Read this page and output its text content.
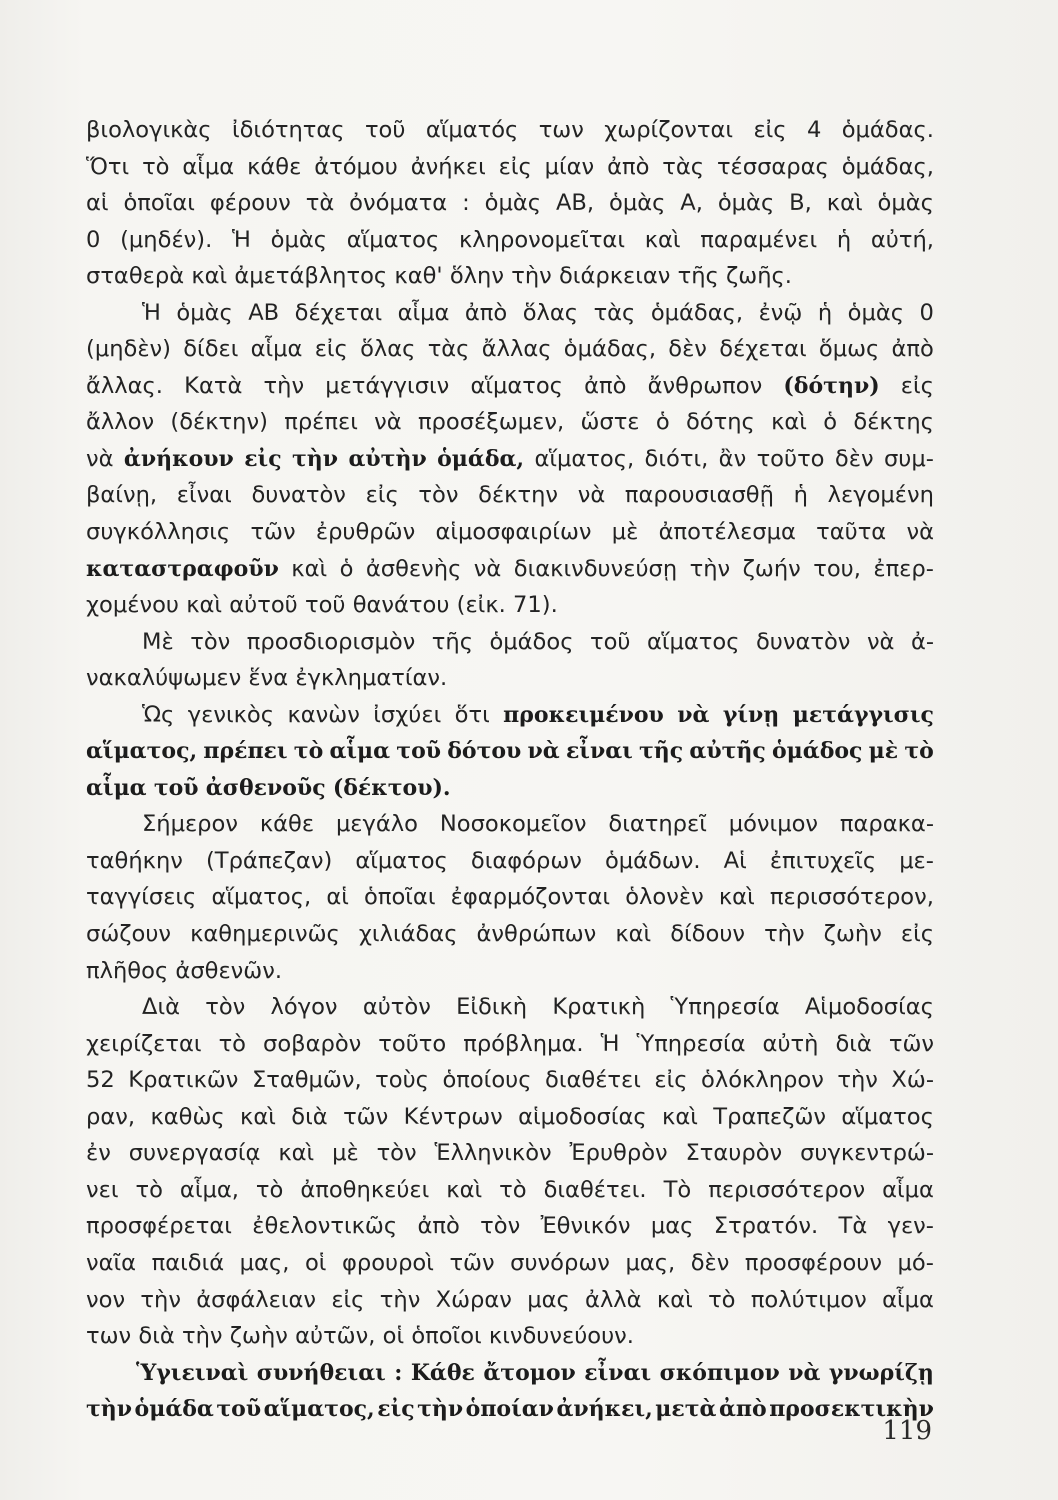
βιολογικὰς ἰδιότητας τοῦ αἵματός των χωρίζονται εἰς 4 ὁμάδας.
Ὅτι τὸ αἷμα κάθε ἀτόμου ἀνήκει εἰς μίαν ἀπὸ τὰς τέσσαρας ὁμάδας,
αἱ ὁποῖαι φέρουν τὰ ὀνόματα : ὁμὰς ΑΒ, ὁμὰς Α, ὁμὰς Β, καὶ ὁμὰς
0 (μηδέν). Ἡ ὁμὰς αἵματος κληρονομεῖται καὶ παραμένει ἡ αὐτή,
σταθερὰ καὶ ἀμετάβλητος καθ' ὅλην τὴν διάρκειαν τῆς ζωῆς.
Ἡ ὁμὰς ΑΒ δέχεται αἷμα ἀπὸ ὅλας τὰς ὁμάδας, ἐνῷ ἡ ὁμὰς 0
(μηδὲν) δίδει αἷμα εἰς ὅλας τὰς ἄλλας ὁμάδας, δὲν δέχεται ὅμως ἀπὸ
ἄλλας. Κατὰ τὴν μετάγγισιν αἵματος ἀπὸ ἄνθρωπον (δότην) εἰς
ἄλλον (δέκτην) πρέπει νὰ προσέξωμεν, ὥστε ὁ δότης καὶ ὁ δέκτης
νὰ ἀνήκουν εἰς τὴν αὐτὴν ὁμάδα, αἵματος, διότι, ἂν τοῦτο δὲν συμ-
βαίνῃ, εἶναι δυνατὸν εἰς τὸν δέκτην νὰ παρουσιασθῇ ἡ λεγομένη
συγκόλλησις τῶν ἐρυθρῶν αἱμοσφαιρίων μὲ ἀποτέλεσμα ταῦτα νὰ
καταστραφοῦν καὶ ὁ ἀσθενὴς νὰ διακινδυνεύσῃ τὴν ζωήν του, ἐπερ-
χομένου καὶ αὐτοῦ τοῦ θανάτου (εἰκ. 71).
Μὲ τὸν προσδιορισμὸν τῆς ὁμάδος τοῦ αἵματος δυνατὸν νὰ ἀ-
νακαλύψωμεν ἕνα ἐγκληματίαν.
Ὡς γενικὸς κανὼν ἰσχύει ὅτι προκειμένου νὰ γίνῃ μετάγγισις
αἵματος, πρέπει τὸ αἷμα τοῦ δότου νὰ εἶναι τῆς αὐτῆς ὁμάδος μὲ τὸ
αἷμα τοῦ ἀσθενοῦς (δέκτου).
Σήμερον κάθε μεγάλο Νοσοκομεῖον διατηρεῖ μόνιμον παρακα-
ταθήκην (Τράπεζαν) αἵματος διαφόρων ὁμάδων. Αἱ ἐπιτυχεῖς με-
ταγγίσεις αἵματος, αἱ ὁποῖαι ἐφαρμόζονται ὁλονὲν καὶ περισσότερον,
σώζουν καθημερινῶς χιλιάδας ἀνθρώπων καὶ δίδουν τὴν ζωὴν εἰς
πλῆθος ἀσθενῶν.
Διὰ τὸν λόγον αὐτὸν Εἰδικὴ Κρατικὴ Ὑπηρεσία Αἱμοδοσίας
χειρίζεται τὸ σοβαρὸν τοῦτο πρόβλημα. Ἡ Ὑπηρεσία αὐτὴ διὰ τῶν
52 Κρατικῶν Σταθμῶν, τοὺς ὁποίους διαθέτει εἰς ὁλόκληρον τὴν Χώ-
ραν, καθὼς καὶ διὰ τῶν Κέντρων αἱμοδοσίας καὶ Τραπεζῶν αἵματος
ἐν συνεργασίᾳ καὶ μὲ τὸν Ἑλληνικὸν Ἐρυθρὸν Σταυρὸν συγκεντρώ-
νει τὸ αἷμα, τὸ ἀποθηκεύει καὶ τὸ διαθέτει. Τὸ περισσότερον αἷμα
προσφέρεται ἐθελοντικῶς ἀπὸ τὸν Ἐθνικόν μας Στρατόν. Τὰ γεν-
ναῖα παιδιά μας, οἱ φρουροὶ τῶν συνόρων μας, δὲν προσφέρουν μό-
νον τὴν ἀσφάλειαν εἰς τὴν Χώραν μας ἀλλὰ καὶ τὸ πολύτιμον αἷμα
των διὰ τὴν ζωὴν αὐτῶν, οἱ ὁποῖοι κινδυνεύουν.
Ὑγιειναὶ συνήθειαι : Κάθε ἄτομον εἶναι σκόπιμον νὰ γνωρίζῃ
τὴν ὁμάδα τοῦ αἵματος, εἰς τὴν ὁποίαν ἀνήκει, μετὰ ἀπὸ προσεκτικὴν
119
